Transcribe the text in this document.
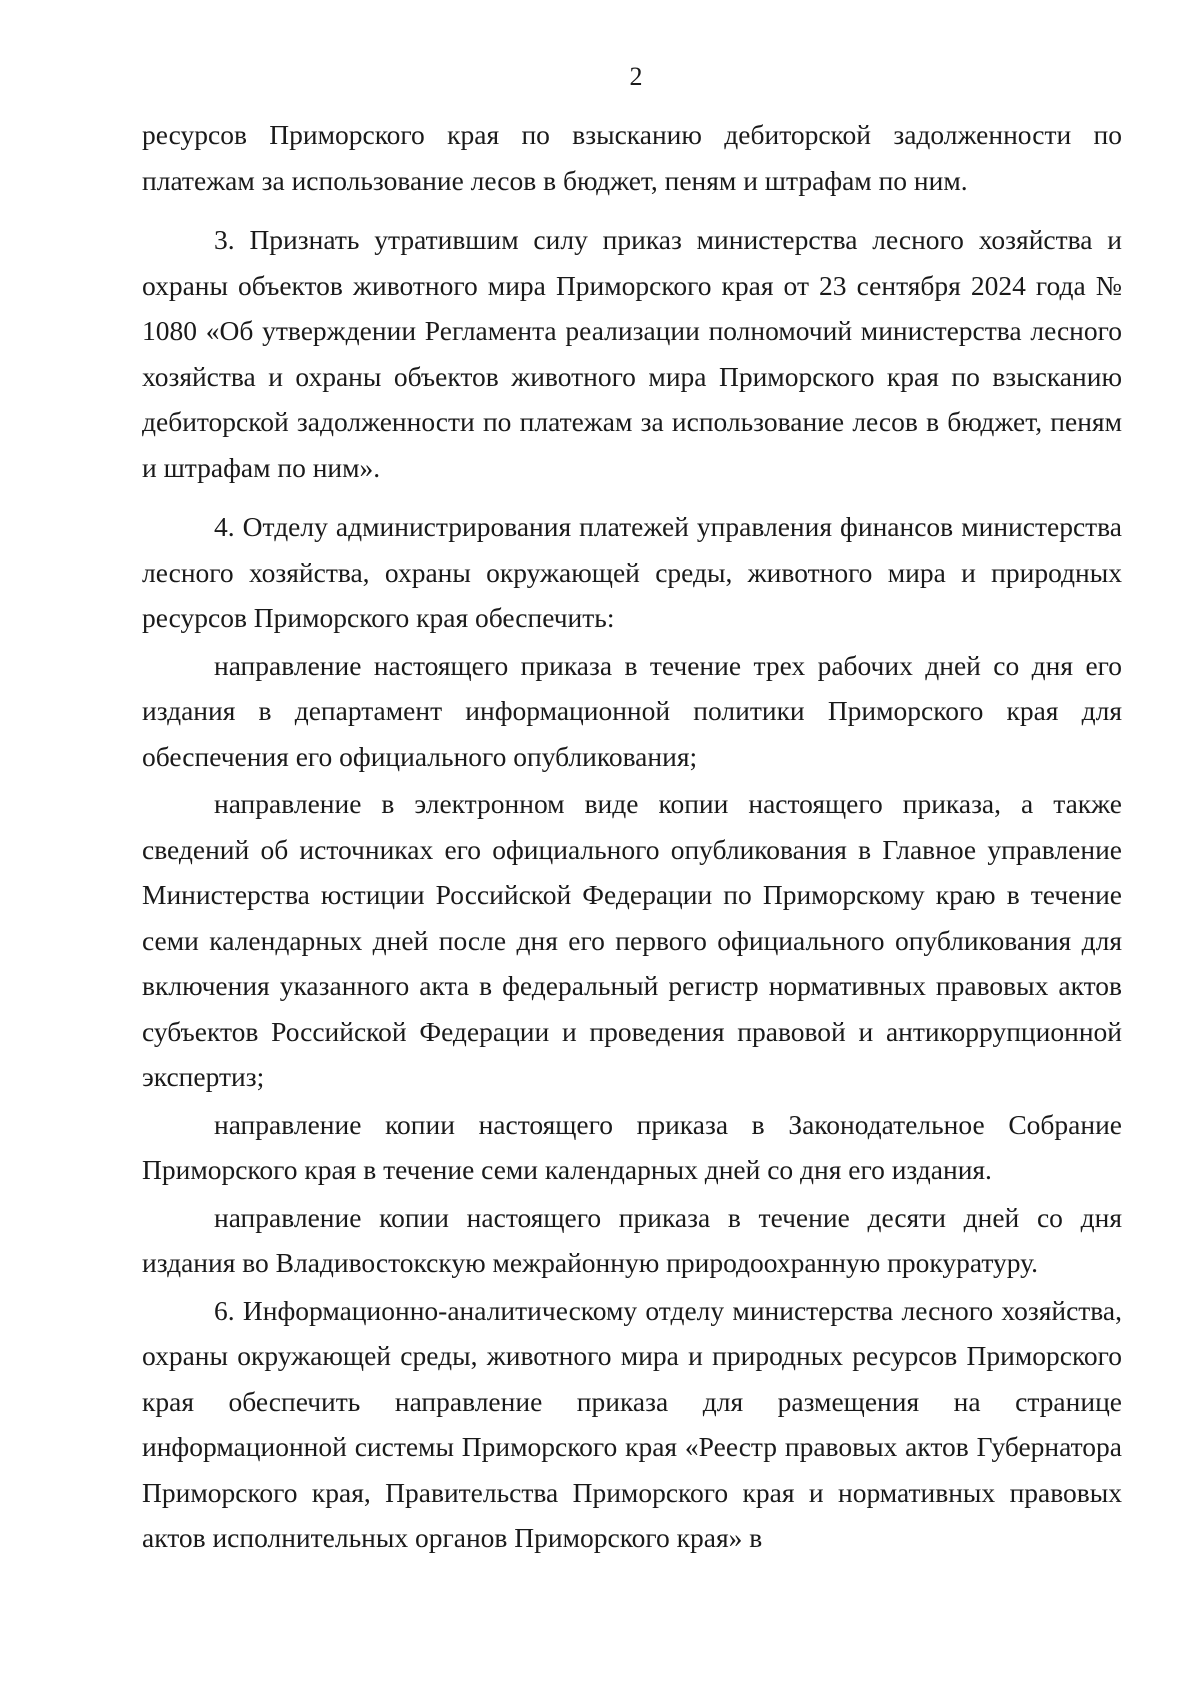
2

ресурсов Приморского края по взысканию дебиторской задолженности по платежам за использование лесов в бюджет, пеням и штрафам по ним.

3. Признать утратившим силу приказ министерства лесного хозяйства и охраны объектов животного мира Приморского края от 23 сентября 2024 года № 1080 «Об утверждении Регламента реализации полномочий министерства лесного хозяйства и охраны объектов животного мира Приморского края по взысканию дебиторской задолженности по платежам за использование лесов в бюджет, пеням и штрафам по ним».

4. Отделу администрирования платежей управления финансов министерства лесного хозяйства, охраны окружающей среды, животного мира и природных ресурсов Приморского края обеспечить:

направление настоящего приказа в течение трех рабочих дней со дня его издания в департамент информационной политики Приморского края для обеспечения его официального опубликования;

направление в электронном виде копии настоящего приказа, а также сведений об источниках его официального опубликования в Главное управление Министерства юстиции Российской Федерации по Приморскому краю в течение семи календарных дней после дня его первого официального опубликования для включения указанного акта в федеральный регистр нормативных правовых актов субъектов Российской Федерации и проведения правовой и антикоррупционной экспертиз;

направление копии настоящего приказа в Законодательное Собрание Приморского края в течение семи календарных дней со дня его издания.

направление копии настоящего приказа в течение десяти дней со дня издания во Владивостокскую межрайонную природоохранную прокуратуру.

6. Информационно-аналитическому отделу министерства лесного хозяйства, охраны окружающей среды, животного мира и природных ресурсов Приморского края обеспечить направление приказа для размещения на странице информационной системы Приморского края «Реестр правовых актов Губернатора Приморского края, Правительства Приморского края и нормативных правовых актов исполнительных органов Приморского края» в
